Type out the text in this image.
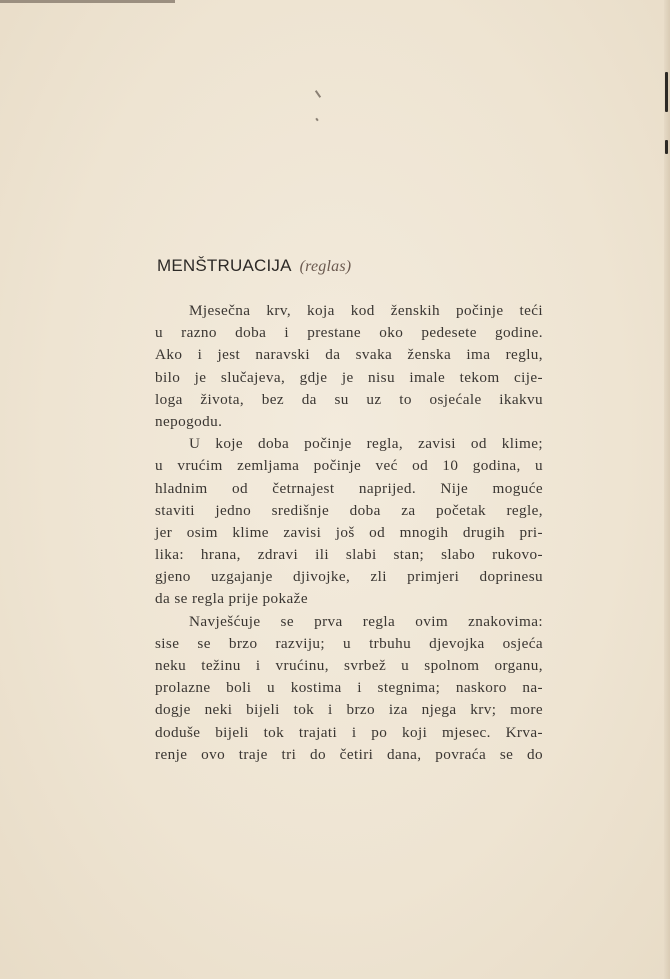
MENŠTRUACIJA (reglas)
Mjesečna krv, koja kod ženskih počinje teći
u razno doba i prestane oko pedesete godine.
Ako i jest naravski da svaka ženska ima reglu,
bilo je slučajeva, gdje je nisu imale tekom cije-
loga života, bez da su uz to osjećale ikakvu
nepogodu.
U koje doba počinje regla, zavisi od klime;
u vrućim zemljama počinje već od 10 godina, u
hladnim od četrnajest naprijed. Nije moguće
staviti jedno središnje doba za početak regle,
jer osim klime zavisi još od mnogih drugih pri-
lika: hrana, zdravi ili slabi stan; slabo rukovo-
gjeno uzgajanje djivojke, zli primjeri doprinesu
da se regla prije pokaže
Navješćuje se prva regla ovim znakovima:
sise se brzo razviju; u trbuhu djevojka osjeća
neku težinu i vrućinu, svrbež u spolnom organu,
prolazne boli u kostima i stegnima; naskoro na-
dogje neki bijeli tok i brzo iza njega krv; more
doduše bijeli tok trajati i po koji mjesec. Krva-
renje ovo traje tri do četiri dana, povraća se do
